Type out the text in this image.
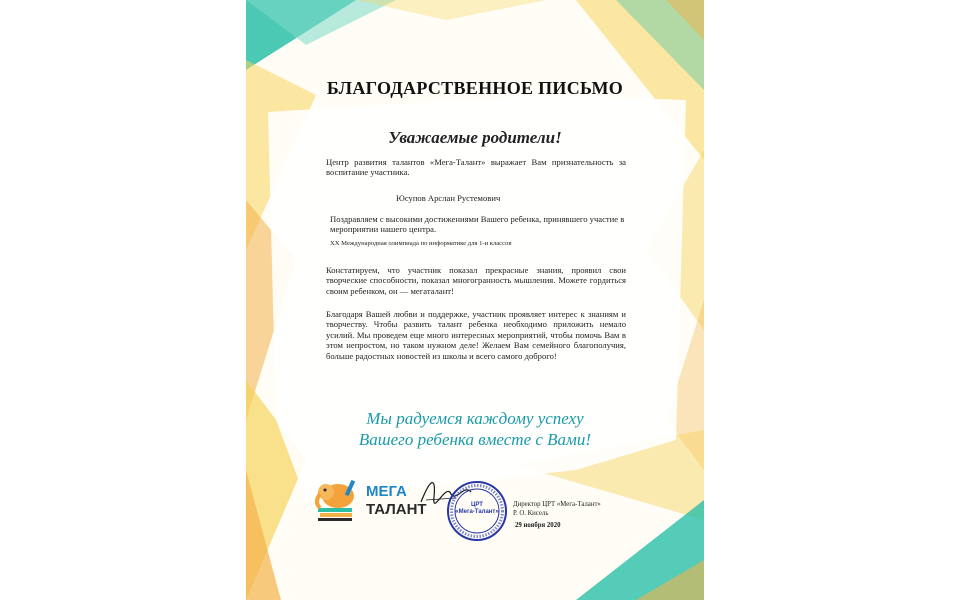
БЛАГОДАРСТВЕННОЕ ПИСЬМО
Уважаемые родители!
Центр развития талантов «Мега-Талант» выражает Вам признательность за воспитание участника.
Юсупов Арслан Рустемович
Поздравляем с высокими достижениями Вашего ребенка, принявшего участие в мероприятии нашего центра.
XX Международная олимпиада по информатике для 1-и классов
Констатируем, что участник показал прекрасные знания, проявил свои творческие способности, показал многогранность мышления. Можете гордиться своим ребенком, он — мегаталант!
Благодаря Вашей любви и поддержке, участник проявляет интерес к знаниям и творчеству. Чтобы развить талант ребенка необходимо приложить немало усилий. Мы проведем еще много интересных мероприятий, чтобы помочь Вам в этом непростом, но таком нужном деле! Желаем Вам семейного благополучия, больше радостных новостей из школы и всего самого доброго!
Мы радуемся каждому успеху
Вашего ребенка вместе с Вами!
МЕГА
ТАЛАНТ	ЦРТ
«Мега-Талант»
Директор ЦРТ «Мега-Талант»
Р. О. Кисель
29 ноября 2020
